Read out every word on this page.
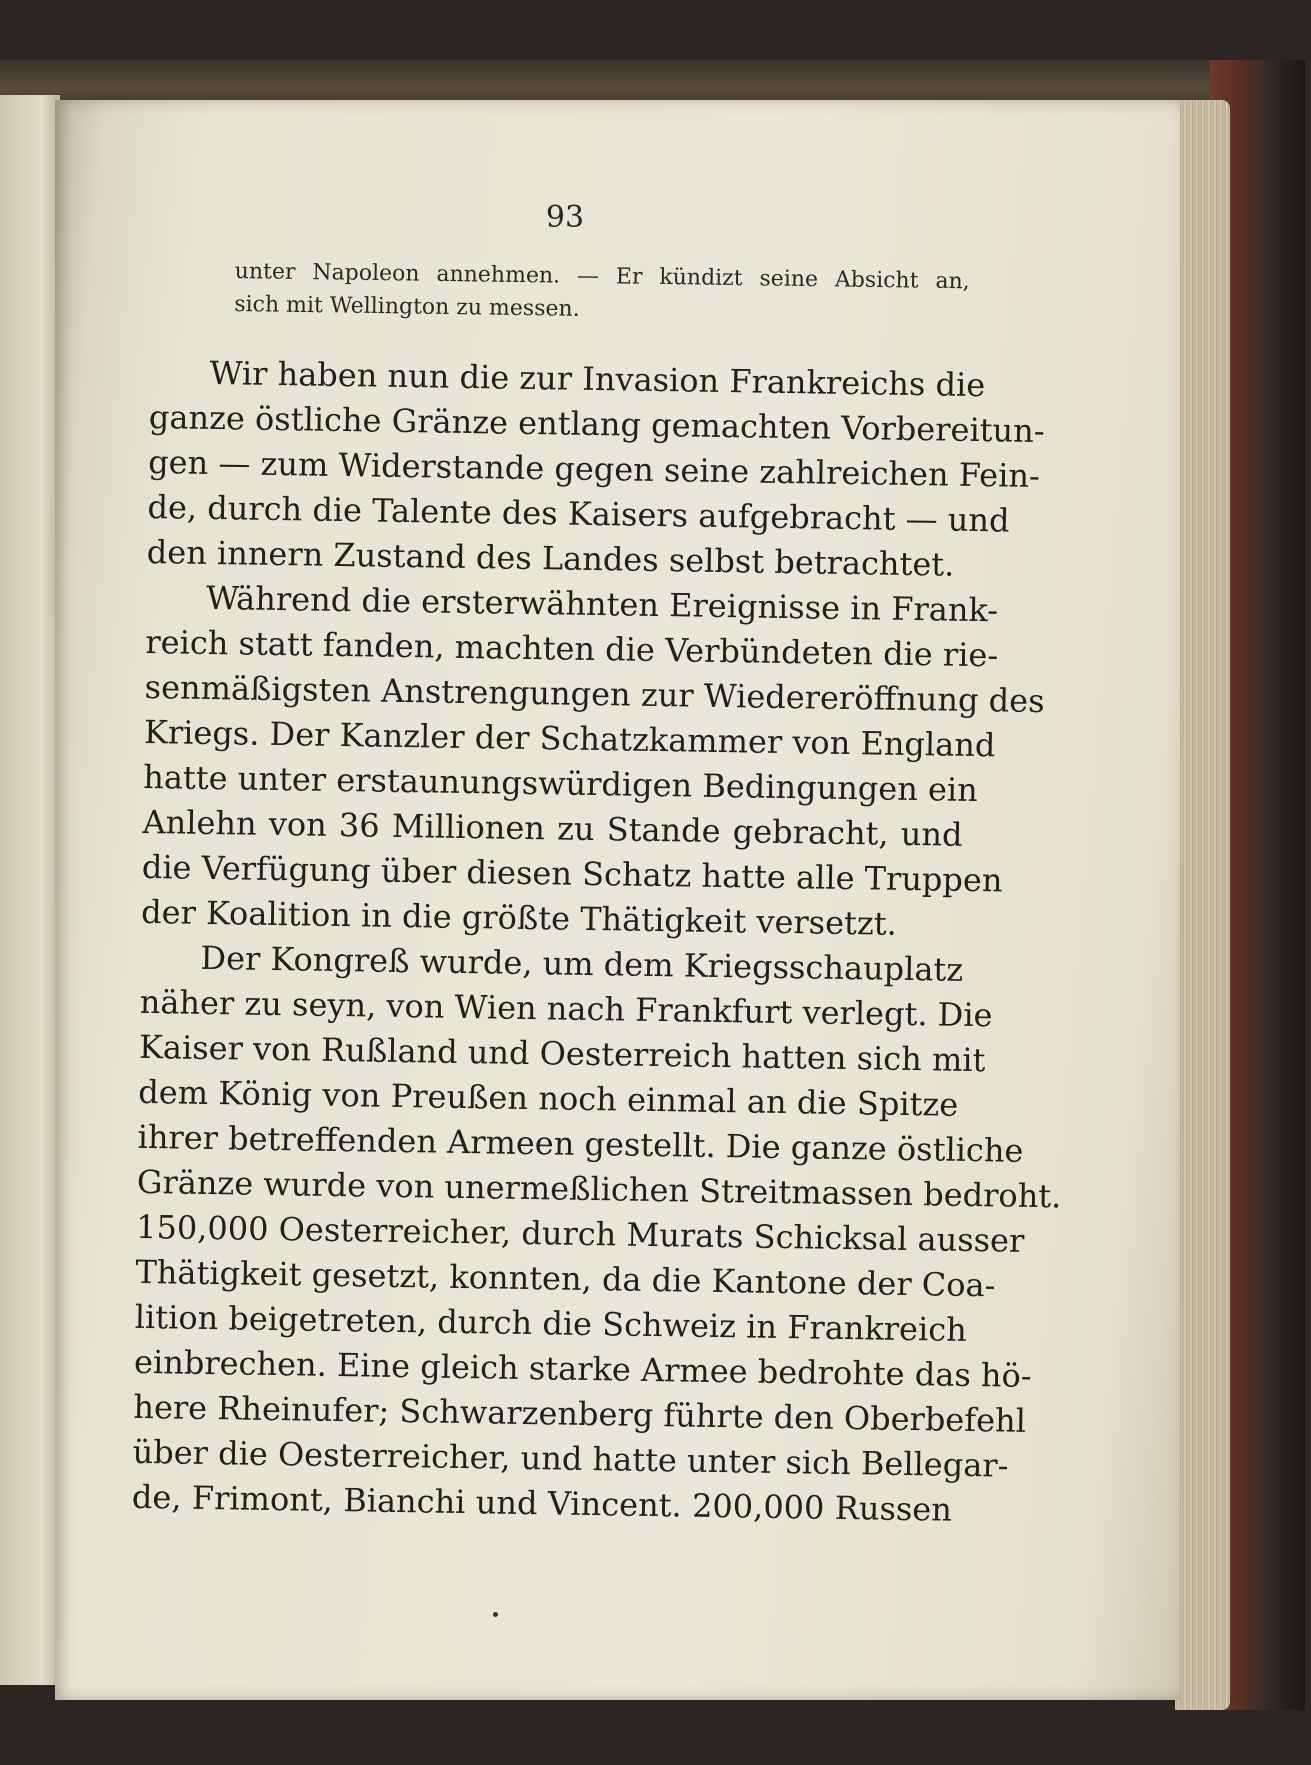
93
unter Napoleon annehmen. — Er kündizt seine Absicht an,
sich mit Wellington zu messen.
Wir haben nun die zur Invasion Frankreichs die
ganze östliche Gränze entlang gemachten Vorbereitun-
gen — zum Widerstande gegen seine zahlreichen Fein-
de, durch die Talente des Kaisers aufgebracht — und
den innern Zustand des Landes selbst betrachtet.
Während die ersterwähnten Ereignisse in Frank-
reich statt fanden, machten die Verbündeten die rie-
senmäßigsten Anstrengungen zur Wiedereröffnung des
Kriegs. Der Kanzler der Schatzkammer von England
hatte unter erstaunungswürdigen Bedingungen ein
Anlehn von 36 Millionen zu Stande gebracht, und
die Verfügung über diesen Schatz hatte alle Truppen
der Koalition in die größte Thätigkeit versetzt.
Der Kongreß wurde, um dem Kriegsschauplatz
näher zu seyn, von Wien nach Frankfurt verlegt. Die
Kaiser von Rußland und Oesterreich hatten sich mit
dem König von Preußen noch einmal an die Spitze
ihrer betreffenden Armeen gestellt. Die ganze östliche
Gränze wurde von unermeßlichen Streitmassen bedroht.
150,000 Oesterreicher, durch Murats Schicksal ausser
Thätigkeit gesetzt, konnten, da die Kantone der Coa-
lition beigetreten, durch die Schweiz in Frankreich
einbrechen. Eine gleich starke Armee bedrohte das hö-
here Rheinufer; Schwarzenberg führte den Oberbefehl
über die Oesterreicher, und hatte unter sich Bellegar-
de, Frimont, Bianchi und Vincent. 200,000 Russen
